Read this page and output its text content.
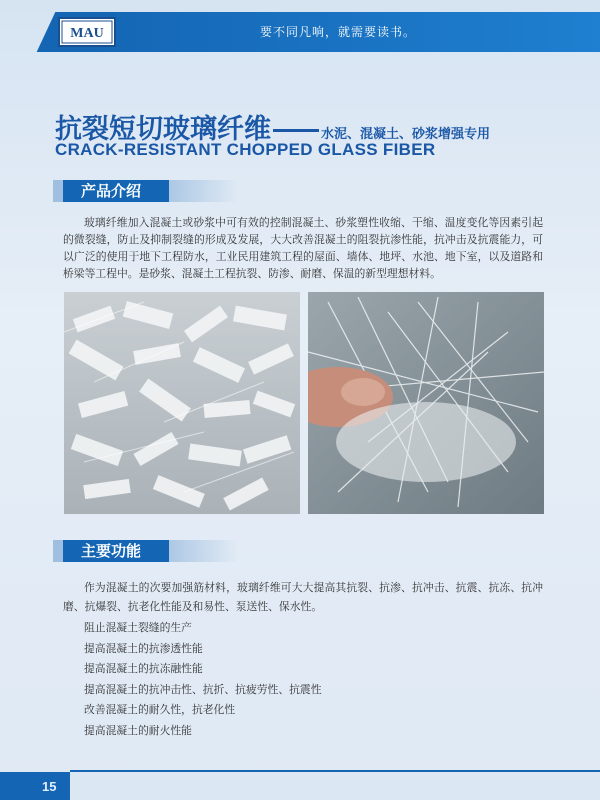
MAU	要不同凡响，就需要读书。
抗裂短切玻璃纤维	水泥、混凝土、砂浆增强专用
CRACK-RESISTANT CHOPPED GLASS FIBER
产品介绍
玻璃纤维加入混凝土或砂浆中可有效的控制混凝土、砂浆塑性收缩、干缩、温度变化等因素引起的微裂缝，防止及抑制裂缝的形成及发展，大大改善混凝土的阻裂抗渗性能，抗冲击及抗震能力，可以广泛的使用于地下工程防水，工业民用建筑工程的屋面、墙体、地坪、水池、地下室，以及道路和桥梁等工程中。是砂浆、混凝土工程抗裂、防渗、耐磨、保温的新型理想材料。
主要功能
作为混凝土的次要加强筋材料，玻璃纤维可大大提高其抗裂、抗渗、抗冲击、抗震、抗冻、抗冲磨、抗爆裂、抗老化性能及和易性、泵送性、保水性。
阻止混凝土裂缝的生产
提高混凝土的抗渗透性能
提高混凝土的抗冻融性能
提高混凝土的抗冲击性、抗折、抗疲劳性、抗震性
改善混凝土的耐久性，抗老化性
提高混凝土的耐火性能
15
